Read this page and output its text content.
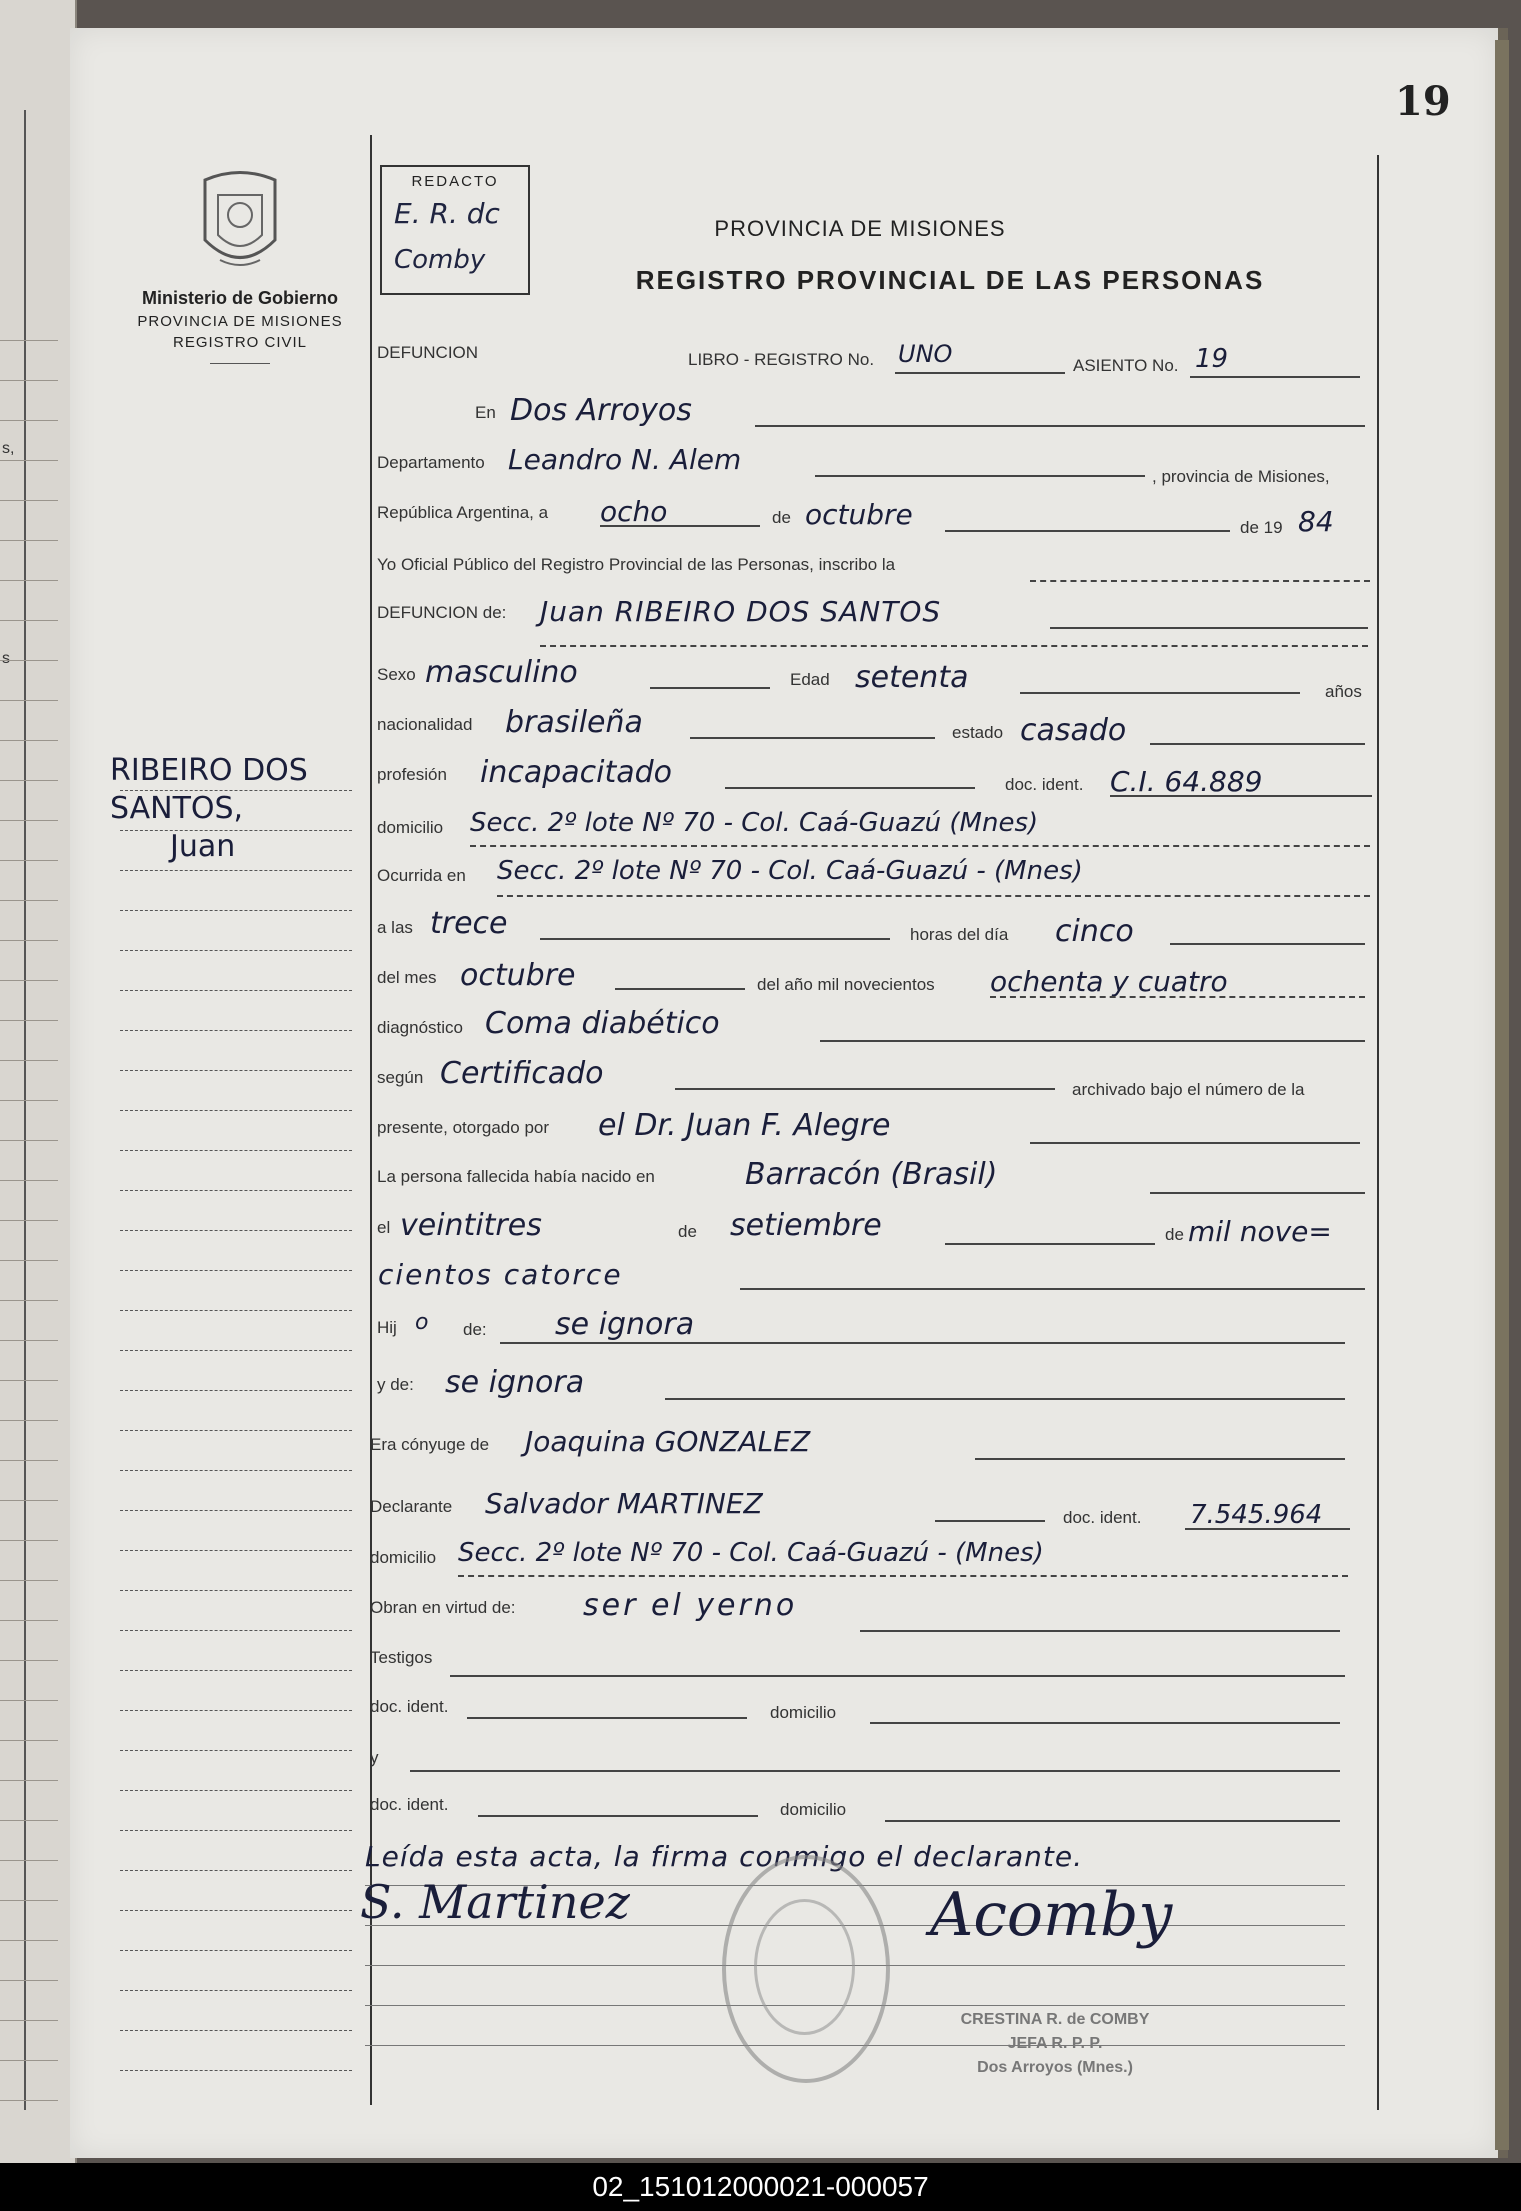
s,
s
19
Ministerio de Gobierno
PROVINCIA DE MISIONES
REGISTRO CIVIL
REDACTO
E. R. dc
Comby
PROVINCIA DE MISIONES
REGISTRO PROVINCIAL DE LAS PERSONAS
DEFUNCION	LIBRO - REGISTRO No. UNO	ASIENTO No. 19
En Dos Arroyos
Departamento Leandro N. Alem
, provincia de Misiones,
República Argentina, a ocho	de octubre	de 19 84
Yo Oficial Público del Registro Provincial de las Personas, inscribo la
DEFUNCION de: Juan RIBEIRO DOS SANTOS
Sexo masculino	Edad setenta	años
nacionalidad brasileña	estado casado
profesión incapacitado	doc. ident. C.I. 64.889
domicilio Secc. 2º lote Nº 70 - Col. Caá-Guazú (Mnes)
Ocurrida en Secc. 2º lote Nº 70 - Col. Caá-Guazú - (Mnes)
a las trece	horas del día cinco
del mes octubre	del año mil novecientos ochenta y cuatro
diagnóstico Coma diabético
según Certificado	archivado bajo el número de la
presente, otorgado por el Dr. Juan F. Alegre
La persona fallecida había nacido en	Barracón (Brasil)
el veintitres	de setiembre	de mil nove=
cientos catorce
Hij o de: se ignora
y de: se ignora
Era cónyuge de Joaquina GONZALEZ
Declarante Salvador MARTINEZ	doc. ident. 7.545.964
domicilio Secc. 2º lote Nº 70 - Col. Caá-Guazú - (Mnes)
Obran en virtud de: ser el yerno
Testigos
doc. ident.	domicilio
y
doc. ident.	domicilio
Leída esta acta, la firma conmigo el declarante.
S. Martinez	Acomby
CRESTINA R. de COMBY
JEFA R. P. P.
Dos Arroyos (Mnes.)
RIBEIRO DOS
SANTOS,
Juan
02_151012000021-000057
